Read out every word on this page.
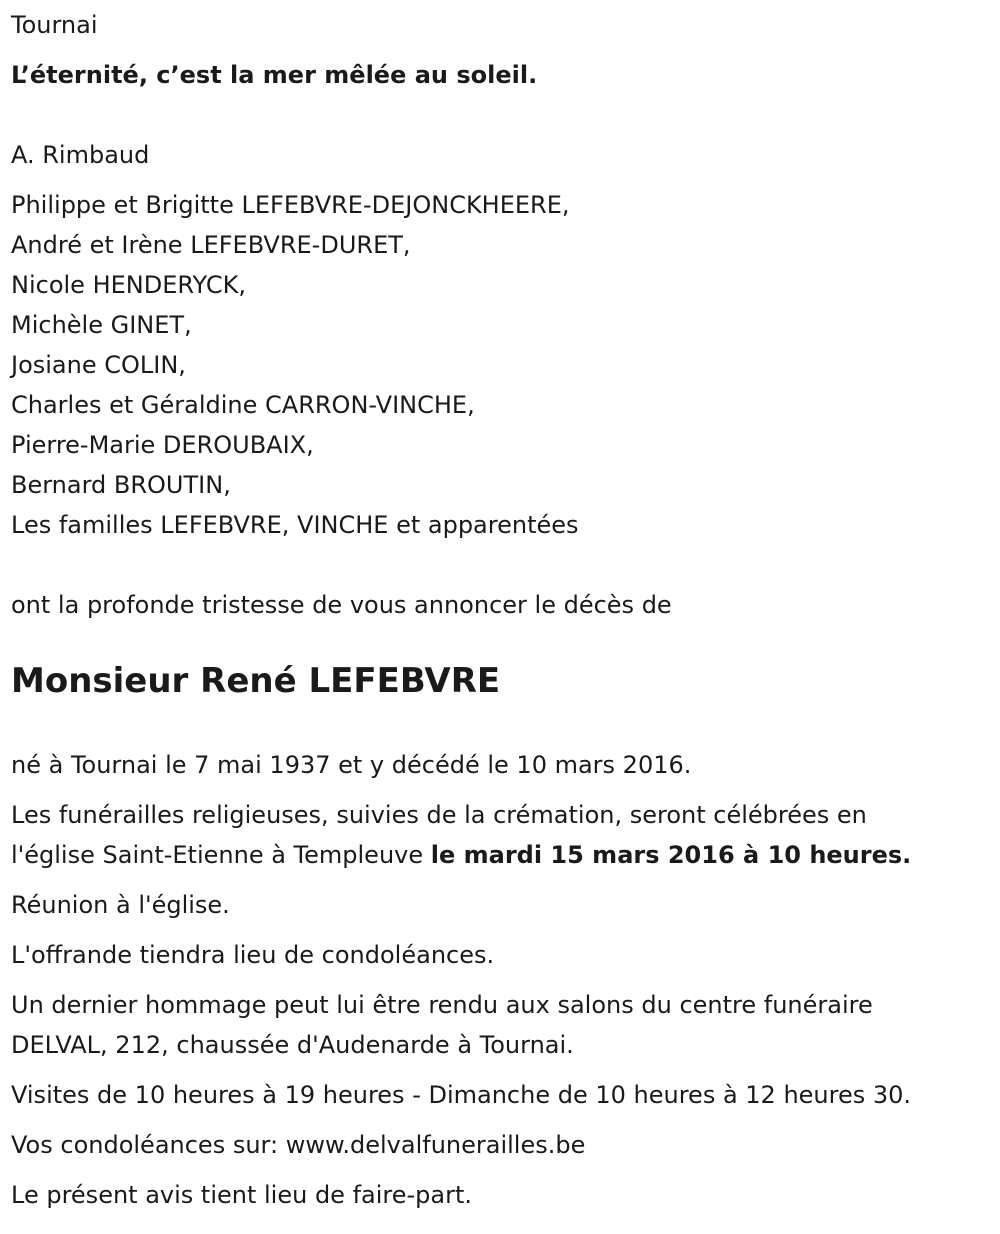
Tournai
L’éternité, c’est la mer mêlée au soleil.
A. Rimbaud
Philippe et Brigitte LEFEBVRE-DEJONCKHEERE,
André et Irène LEFEBVRE-DURET,
Nicole HENDERYCK,
Michèle GINET,
Josiane COLIN,
Charles et Géraldine CARRON-VINCHE,
Pierre-Marie DEROUBAIX,
Bernard BROUTIN,
Les familles LEFEBVRE, VINCHE et apparentées
ont la profonde tristesse de vous annoncer le décès de
Monsieur René LEFEBVRE
né à Tournai le 7 mai 1937 et y décédé le 10 mars 2016.
Les funérailles religieuses, suivies de la crémation, seront célébrées en
l'église Saint-Etienne à Templeuve le mardi 15 mars 2016 à 10 heures.
Réunion à l'église.
L'offrande tiendra lieu de condoléances.
Un dernier hommage peut lui être rendu aux salons du centre funéraire
DELVAL, 212, chaussée d'Audenarde à Tournai.
Visites de 10 heures à 19 heures - Dimanche de 10 heures à 12 heures 30.
Vos condoléances sur: www.delvalfunerailles.be
Le présent avis tient lieu de faire-part.
